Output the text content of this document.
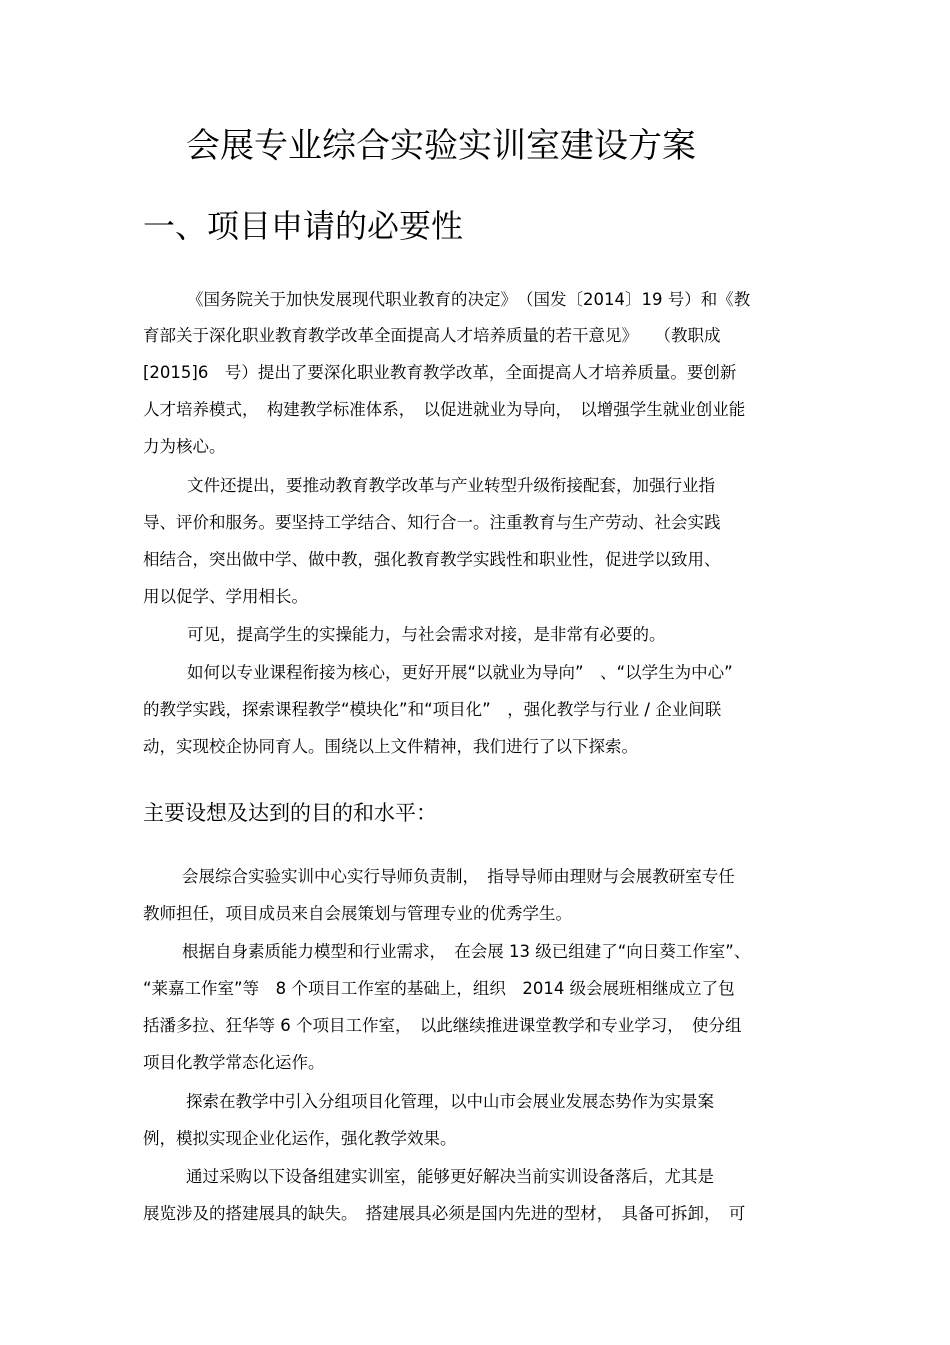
会展专业综合实验实训室建设方案
一、项目申请的必要性

《国务院关于加快发展现代职业教育的决定》　（国发〔2014〕19 号）和《教

育部关于深化职业教育教学改革全面提高人才培养质量的若干意见》　　（教职成

[2015]6　号）提出了要深化职业教育教学改革，全面提高人才培养质量。要创新

人才培养模式，　构建教学标准体系，　以促进就业为导向，　以增强学生就业创业能

力为核心。

文件还提出，要推动教育教学改革与产业转型升级衔接配套，加强行业指

导、评价和服务。要坚持工学结合、知行合一。注重教育与生产劳动、社会实践

相结合，突出做中学、做中教，强化教育教学实践性和职业性，促进学以致用、

用以促学、学用相长。

可见，提高学生的实操能力，与社会需求对接，是非常有必要的。

如何以专业课程衔接为核心，更好开展“以就业为导向”　、“以学生为中心”

的教学实践，探索课程教学“模块化”和“项目化”　，强化教学与行业 / 企业间联

动，实现校企协同育人。围绕以上文件精神，我们进行了以下探索。

主要设想及达到的目的和水平：

会展综合实验实训中心实行导师负责制，　指导导师由理财与会展教研室专任

教师担任，项目成员来自会展策划与管理专业的优秀学生。

根据自身素质能力模型和行业需求，　在会展 13 级已组建了“向日葵工作室”、

“莱嘉工作室”等　8 个项目工作室的基础上，组织　2014 级会展班相继成立了包

括潘多拉、狂华等 6 个项目工作室，　以此继续推进课堂教学和专业学习，　使分组

项目化教学常态化运作。

探索在教学中引入分组项目化管理，以中山市会展业发展态势作为实景案

例，模拟实现企业化运作，强化教学效果。

通过采购以下设备组建实训室，能够更好解决当前实训设备落后，尤其是

展览涉及的搭建展具的缺失。　搭建展具必须是国内先进的型材，　具备可拆卸，　可
